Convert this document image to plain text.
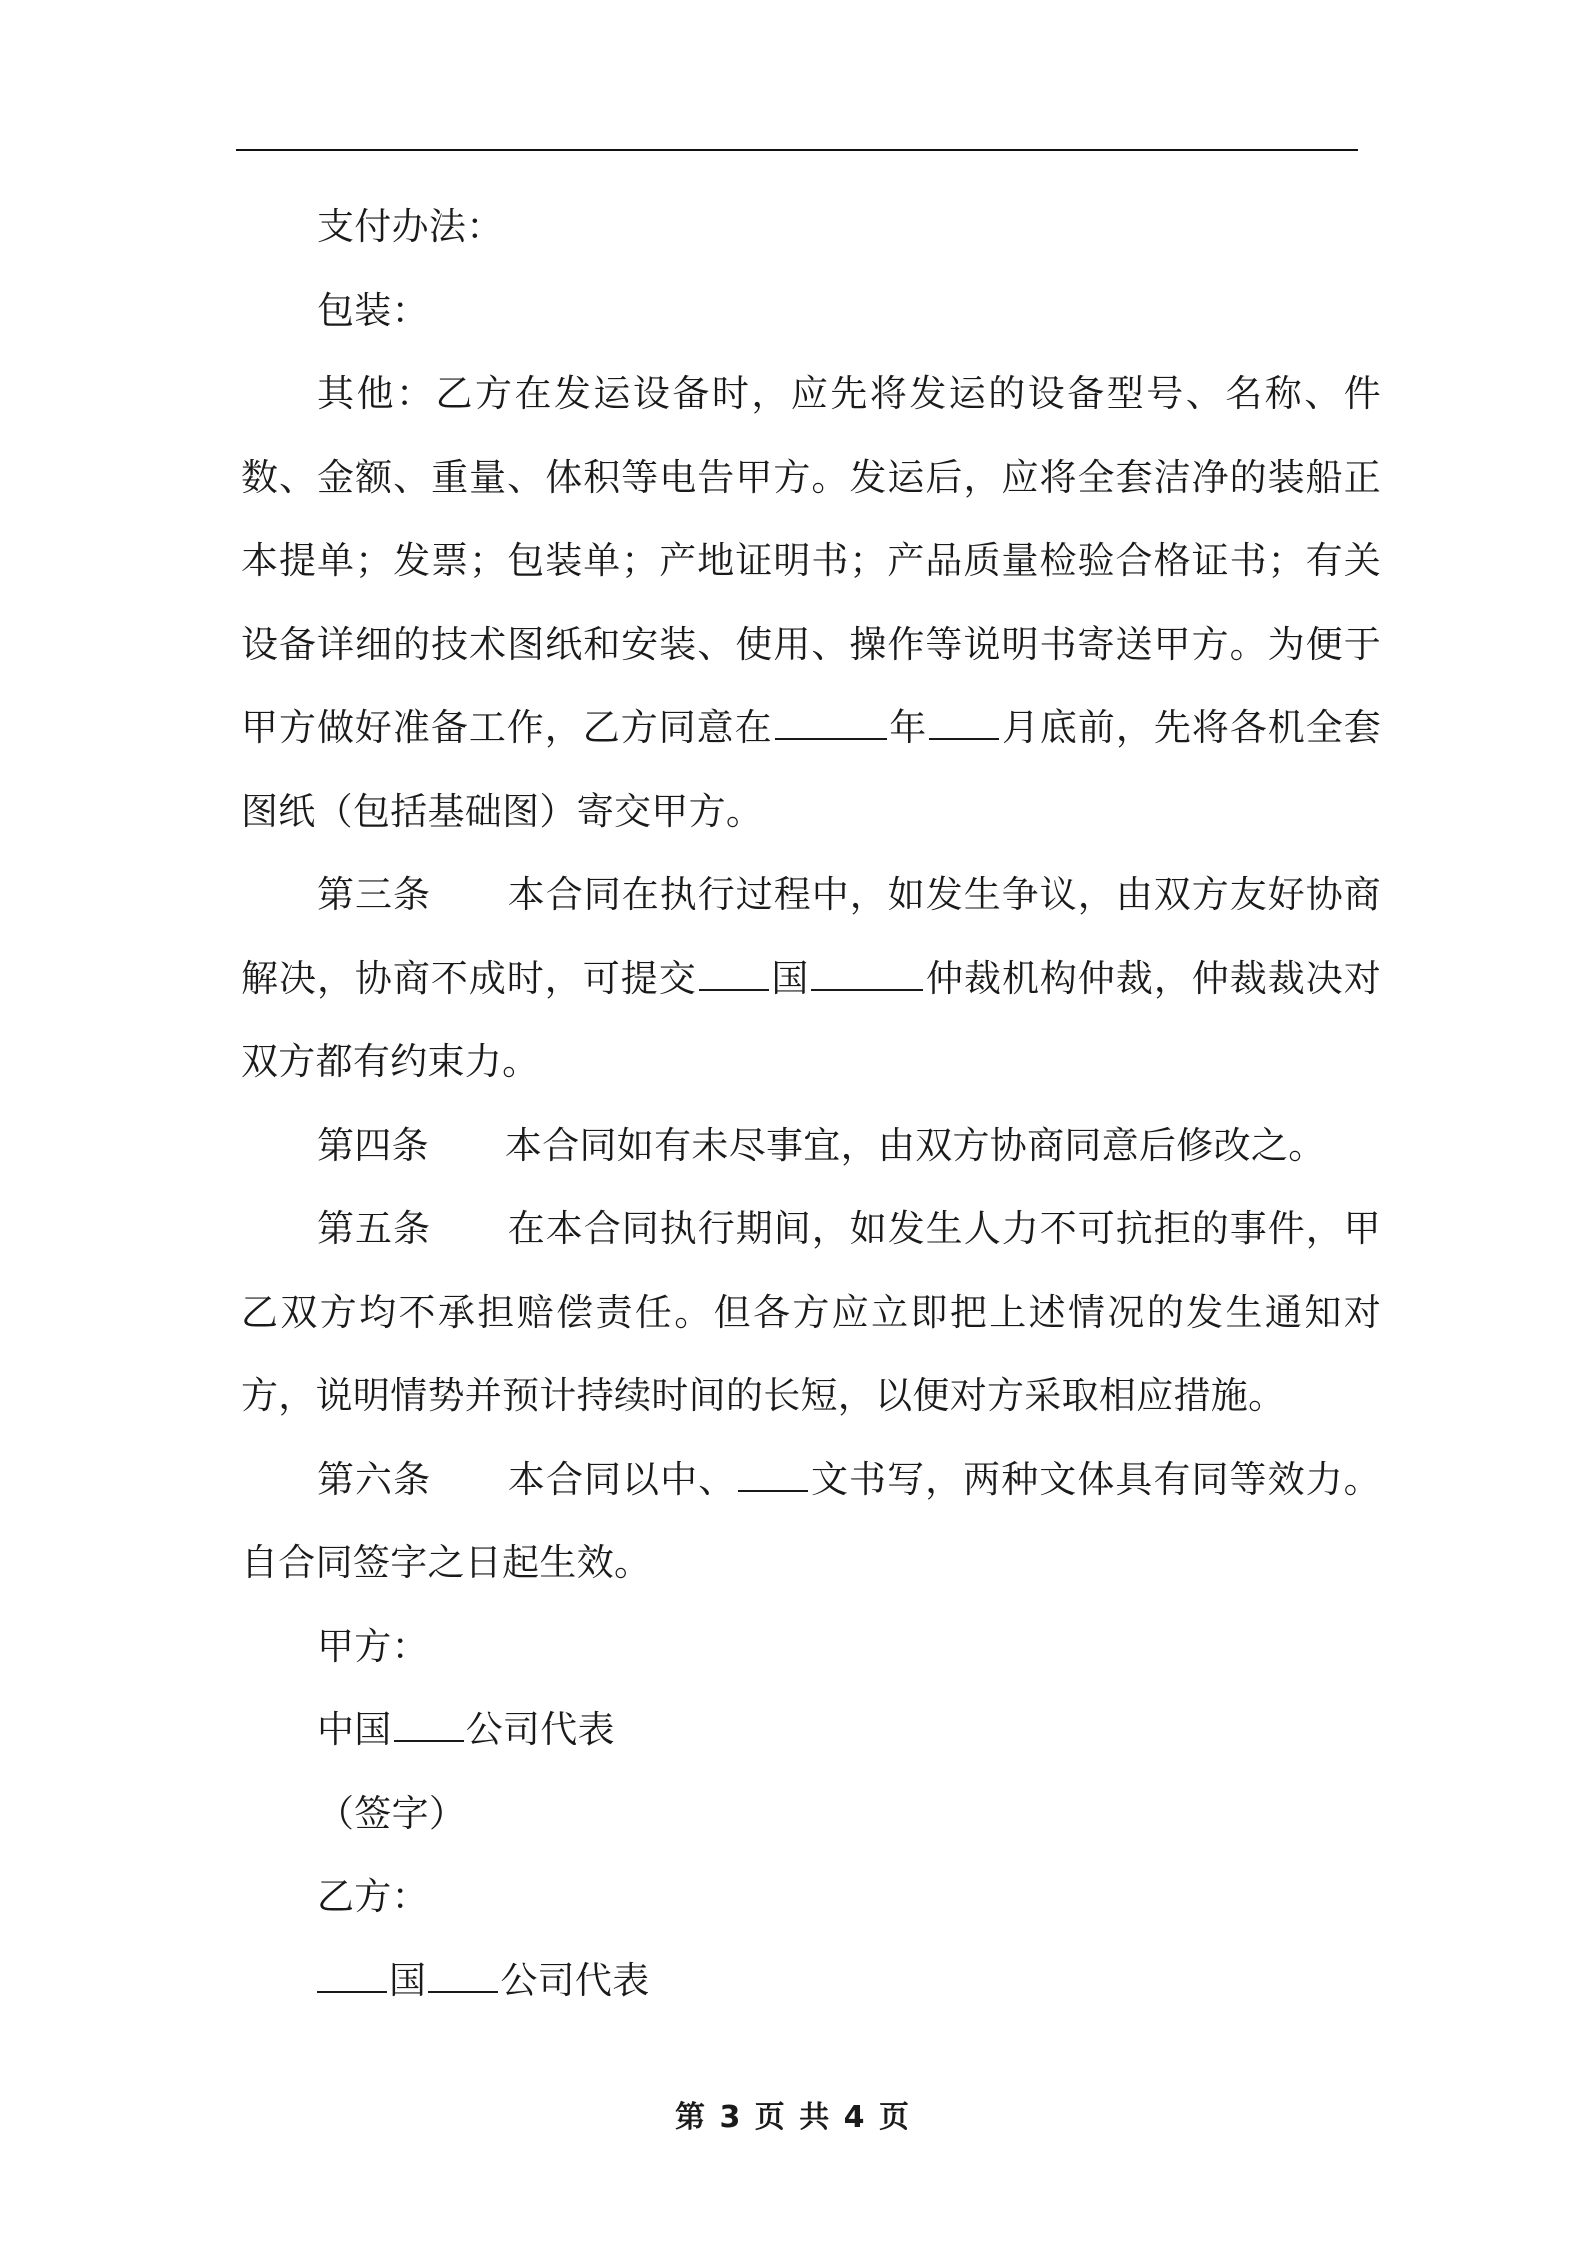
支付办法：

包装：

其他：乙方在发运设备时，应先将发运的设备型号、名称、件数、金额、重量、体积等电告甲方。发运后，应将全套洁净的装船正本提单；发票；包装单；产地证明书；产品质量检验合格证书；有关设备详细的技术图纸和安装、使用、操作等说明书寄送甲方。为便于甲方做好准备工作，乙方同意在	年 月底前，先将各机全套图纸（包括基础图）寄交甲方。

第三条 本合同在执行过程中，如发生争议，由双方友好协商解决，协商不成时，可提交 国	仲裁机构仲裁，仲裁裁决对双方都有约束力。

第四条 本合同如有未尽事宜，由双方协商同意后修改之。

第五条 在本合同执行期间，如发生人力不可抗拒的事件，甲乙双方均不承担赔偿责任。但各方应立即把上述情况的发生通知对方，说明情势并预计持续时间的长短，以便对方采取相应措施。

第六条 本合同以中、 文书写，两种文体具有同等效力。自合同签字之日起生效。

甲方：

中国 公司代表

（签字）

乙方：

国 公司代表

第 3 页 共 4 页
